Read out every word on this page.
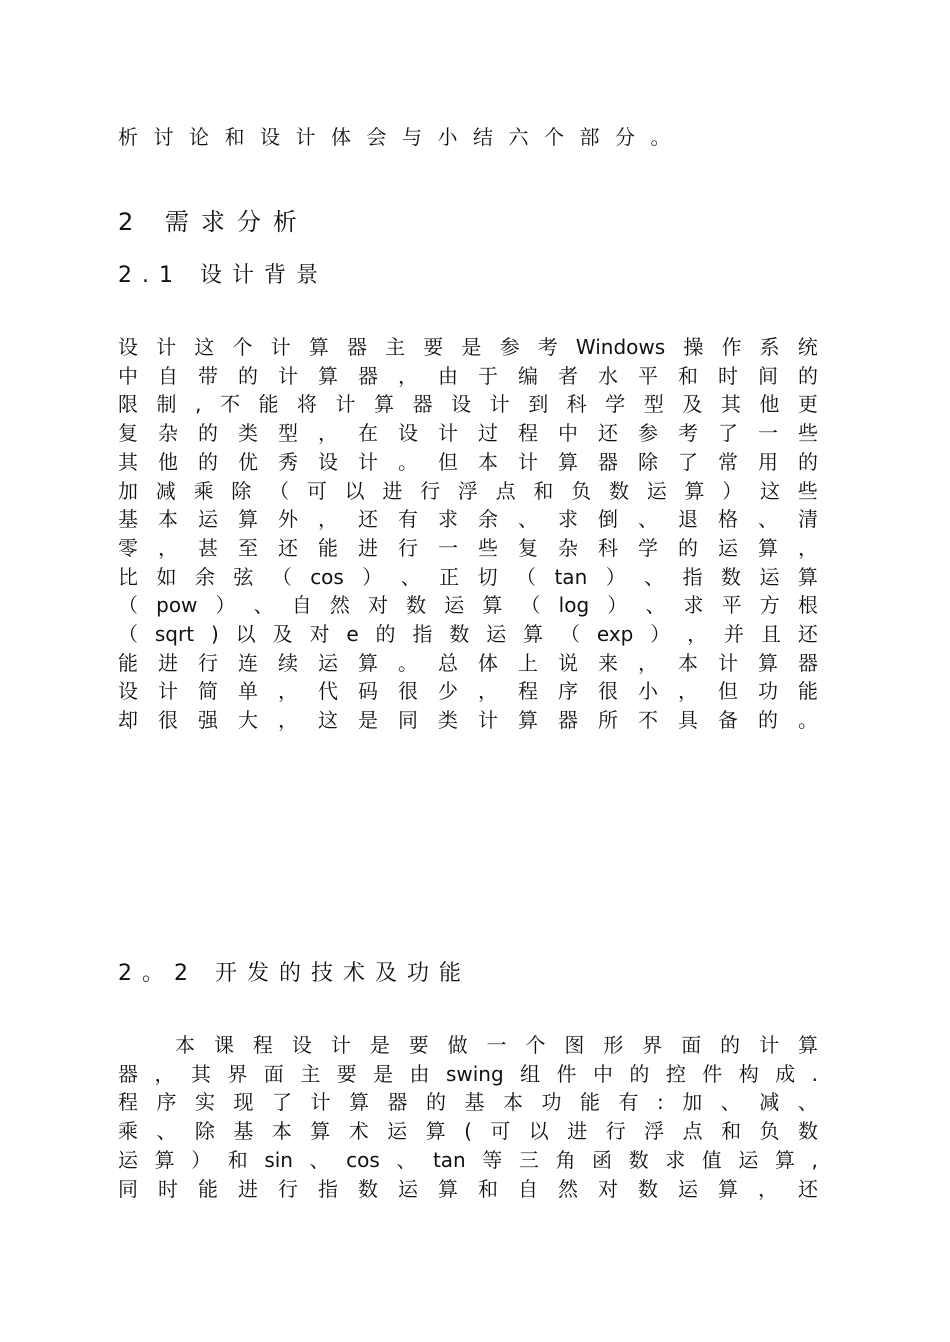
析讨论和设计体会与小结六个部分。
2 需求分析
2.1 设计背景
设 计 这 个 计 算 器 主 要 是 参 考 Windows 操 作 系 统
中 自 带 的 计 算 器 ， 由 于 编 者 水 平 和 时 间 的
限 制 , 不 能 将 计 算 器 设 计 到 科 学 型 及 其 他 更
复 杂 的 类 型 ， 在 设 计 过 程 中 还 参 考 了 一 些
其 他 的 优 秀 设 计 。 但 本 计 算 器 除 了 常 用 的
加 减 乘 除 （ 可 以 进 行 浮 点 和 负 数 运 算 ） 这 些
基 本 运 算 外 ， 还 有 求 余 、 求 倒 、 退 格 、 清
零 ， 甚 至 还 能 进 行 一 些 复 杂 科 学 的 运 算 ，
比 如 余 弦 （ cos ） 、 正 切 （ tan ） 、 指 数 运 算
（ pow ） 、 自 然 对 数 运 算 （ log ） 、 求 平 方 根
（ sqrt ) 以 及 对 e 的 指 数 运 算 （ exp ） ， 并 且 还
能 进 行 连 续 运 算 。 总 体 上 说 来 ， 本 计 算 器
设 计 简 单 ， 代 码 很 少 ， 程 序 很 小 ， 但 功 能
却 很 强 大 ， 这 是 同 类 计 算 器 所 不 具 备 的 。
2。2 开发的技术及功能
本 课 程 设 计 是 要 做 一 个 图 形 界 面 的 计 算
器 ， 其 界 面 主 要 是 由 swing 组 件 中 的 控 件 构 成 .
程 序 实 现 了 计 算 器 的 基 本 功 能 有 : 加 、 减 、
乘 、 除 基 本 算 术 运 算 ( 可 以 进 行 浮 点 和 负 数
运 算 ） 和 sin 、 cos 、 tan 等 三 角 函 数 求 值 运 算 ,
同 时 能 进 行 指 数 运 算 和 自 然 对 数 运 算 ， 还
